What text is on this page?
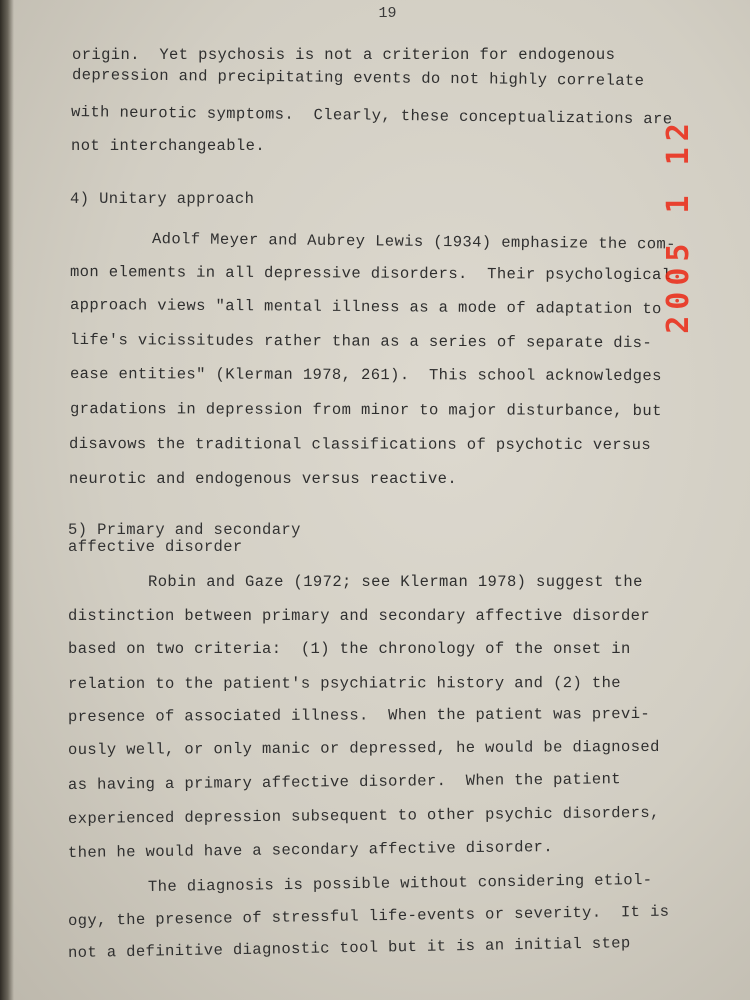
19
origin.  Yet psychosis is not a criterion for endogenous
depression and precipitating events do not highly correlate
with neurotic symptoms.  Clearly, these conceptualizations are
not interchangeable.
4) Unitary approach
Adolf Meyer and Aubrey Lewis (1934) emphasize the com-
mon elements in all depressive disorders.  Their psychological
approach views "all mental illness as a mode of adaptation to
life's vicissitudes rather than as a series of separate dis-
ease entities" (Klerman 1978, 261).  This school acknowledges
gradations in depression from minor to major disturbance, but
disavows the traditional classifications of psychotic versus
neurotic and endogenous versus reactive.
5) Primary and secondary
affective disorder
Robin and Gaze (1972; see Klerman 1978) suggest the
distinction between primary and secondary affective disorder
based on two criteria:  (1) the chronology of the onset in
relation to the patient's psychiatric history and (2) the
presence of associated illness.  When the patient was previ-
ously well, or only manic or depressed, he would be diagnosed
as having a primary affective disorder.  When the patient
experienced depression subsequent to other psychic disorders,
then he would have a secondary affective disorder.
The diagnosis is possible without considering etiol-
ogy, the presence of stressful life-events or severity.  It is
not a definitive diagnostic tool but it is an initial step
2005 1 12
